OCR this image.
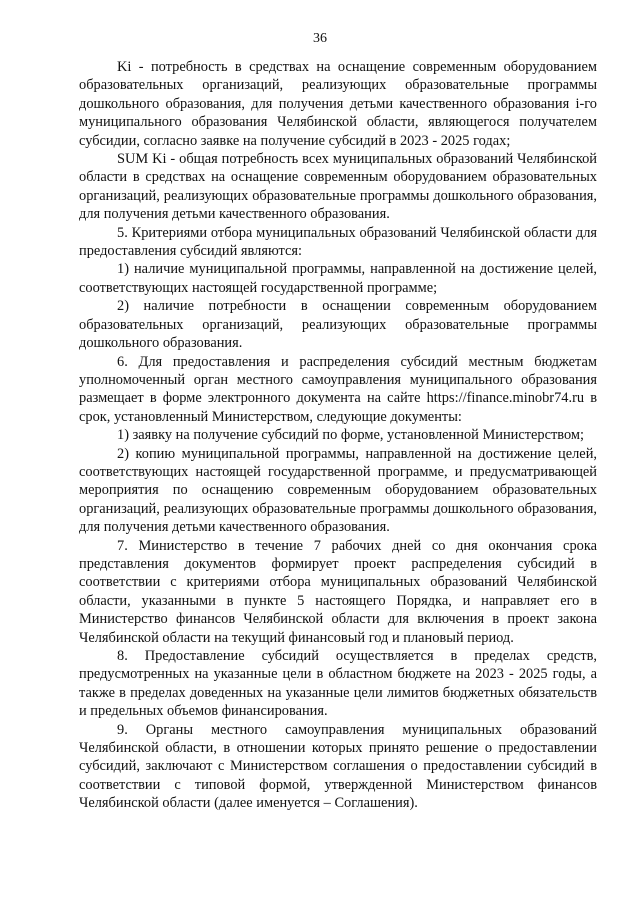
36

Ki - потребность в средствах на оснащение современным оборудованием образовательных организаций, реализующих образовательные программы дошкольного образования, для получения детьми качественного образования i-го муниципального образования Челябинской области, являющегося получателем субсидии, согласно заявке на получение субсидий в 2023 - 2025 годах;

SUM Ki - общая потребность всех муниципальных образований Челябинской области в средствах на оснащение современным оборудованием образовательных организаций, реализующих образовательные программы дошкольного образования, для получения детьми качественного образования.

5. Критериями отбора муниципальных образований Челябинской области для предоставления субсидий являются:

1) наличие муниципальной программы, направленной на достижение целей, соответствующих настоящей государственной программе;

2) наличие потребности в оснащении современным оборудованием образовательных организаций, реализующих образовательные программы дошкольного образования.

6. Для предоставления и распределения субсидий местным бюджетам уполномоченный орган местного самоуправления муниципального образования размещает в форме электронного документа на сайте https://finance.minobr74.ru в срок, установленный Министерством, следующие документы:

1) заявку на получение субсидий по форме, установленной Министерством;

2) копию муниципальной программы, направленной на достижение целей, соответствующих настоящей государственной программе, и предусматривающей мероприятия по оснащению современным оборудованием образовательных организаций, реализующих образовательные программы дошкольного образования, для получения детьми качественного образования.

7. Министерство в течение 7 рабочих дней со дня окончания срока представления документов формирует проект распределения субсидий в соответствии с критериями отбора муниципальных образований Челябинской области, указанными в пункте 5 настоящего Порядка, и направляет его в Министерство финансов Челябинской области для включения в проект закона Челябинской области на текущий финансовый год и плановый период.

8. Предоставление субсидий осуществляется в пределах средств, предусмотренных на указанные цели в областном бюджете на 2023 - 2025 годы, а также в пределах доведенных на указанные цели лимитов бюджетных обязательств и предельных объемов финансирования.

9. Органы местного самоуправления муниципальных образований Челябинской области, в отношении которых принято решение о предоставлении субсидий, заключают с Министерством соглашения о предоставлении субсидий в соответствии с типовой формой, утвержденной Министерством финансов Челябинской области (далее именуется – Соглашения).
